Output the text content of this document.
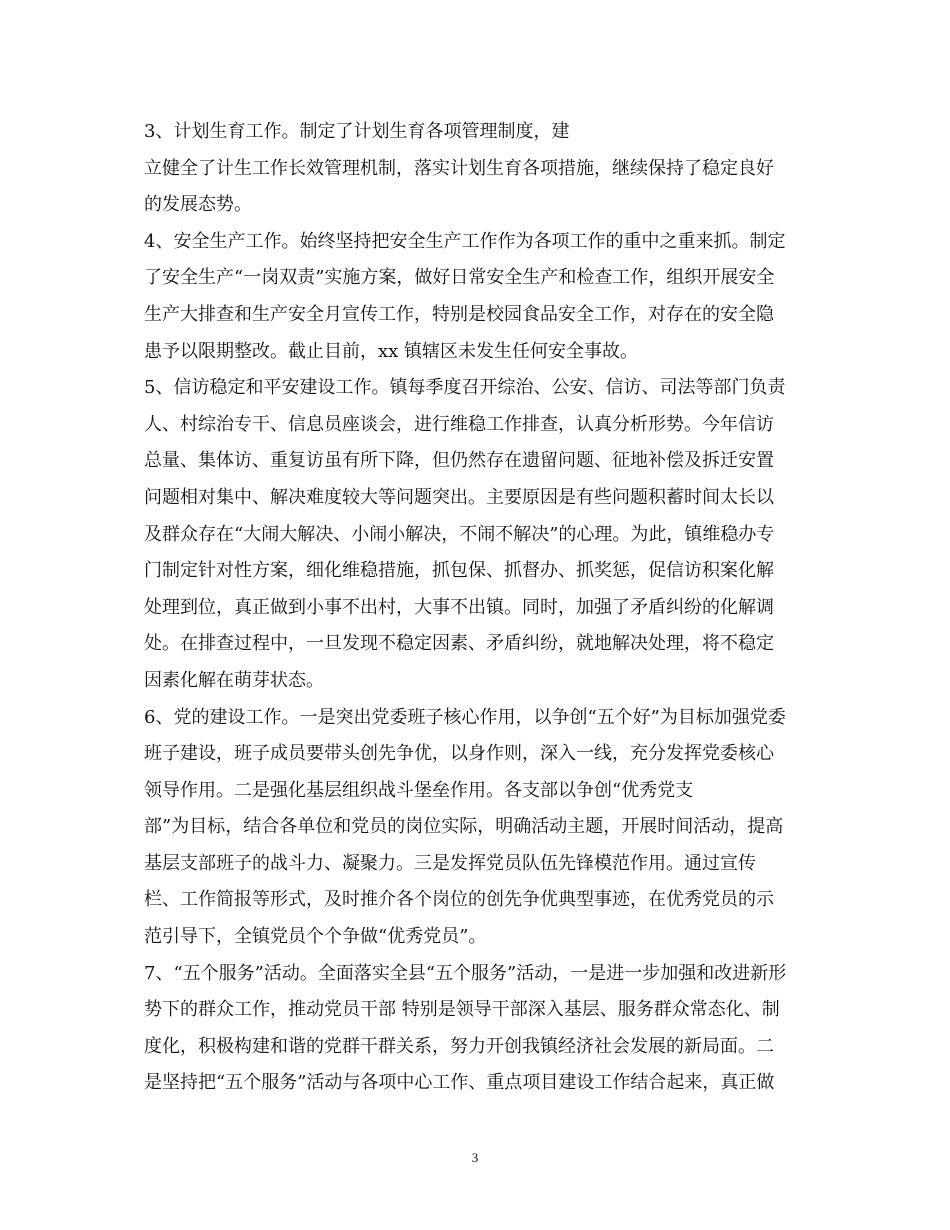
3、计划生育工作。制定了计划生育各项管理制度，建
立健全了计生工作长效管理机制，落实计划生育各项措施，继续保持了稳定良好
的发展态势。
4、安全生产工作。始终坚持把安全生产工作作为各项工作的重中之重来抓。制定
了安全生产“一岗双责”实施方案，做好日常安全生产和检查工作，组织开展安全
生产大排查和生产安全月宣传工作，特别是校园食品安全工作，对存在的安全隐
患予以限期整改。截止目前，xx 镇辖区未发生任何安全事故。
5、信访稳定和平安建设工作。镇每季度召开综治、公安、信访、司法等部门负责
人、村综治专干、信息员座谈会，进行维稳工作排查，认真分析形势。今年信访
总量、集体访、重复访虽有所下降，但仍然存在遗留问题、征地补偿及拆迁安置
问题相对集中、解决难度较大等问题突出。主要原因是有些问题积蓄时间太长以
及群众存在“大闹大解决、小闹小解决，不闹不解决”的心理。为此，镇维稳办专
门制定针对性方案，细化维稳措施，抓包保、抓督办、抓奖惩，促信访积案化解
处理到位，真正做到小事不出村，大事不出镇。同时，加强了矛盾纠纷的化解调
处。在排查过程中，一旦发现不稳定因素、矛盾纠纷，就地解决处理，将不稳定
因素化解在萌芽状态。
6、党的建设工作。一是突出党委班子核心作用，以争创“五个好”为目标加强党委
班子建设，班子成员要带头创先争优，以身作则，深入一线，充分发挥党委核心
领导作用。二是强化基层组织战斗堡垒作用。各支部以争创“优秀党支
部”为目标，结合各单位和党员的岗位实际，明确活动主题，开展时间活动，提高
基层支部班子的战斗力、凝聚力。三是发挥党员队伍先锋模范作用。通过宣传
栏、工作简报等形式，及时推介各个岗位的创先争优典型事迹，在优秀党员的示
范引导下，全镇党员个个争做“优秀党员”。
7、“五个服务”活动。全面落实全县“五个服务”活动，一是进一步加强和改进新形
势下的群众工作，推动党员干部 特别是领导干部深入基层、服务群众常态化、制
度化，积极构建和谐的党群干群关系，努力开创我镇经济社会发展的新局面。二
是坚持把“五个服务”活动与各项中心工作、重点项目建设工作结合起来，真正做
3
